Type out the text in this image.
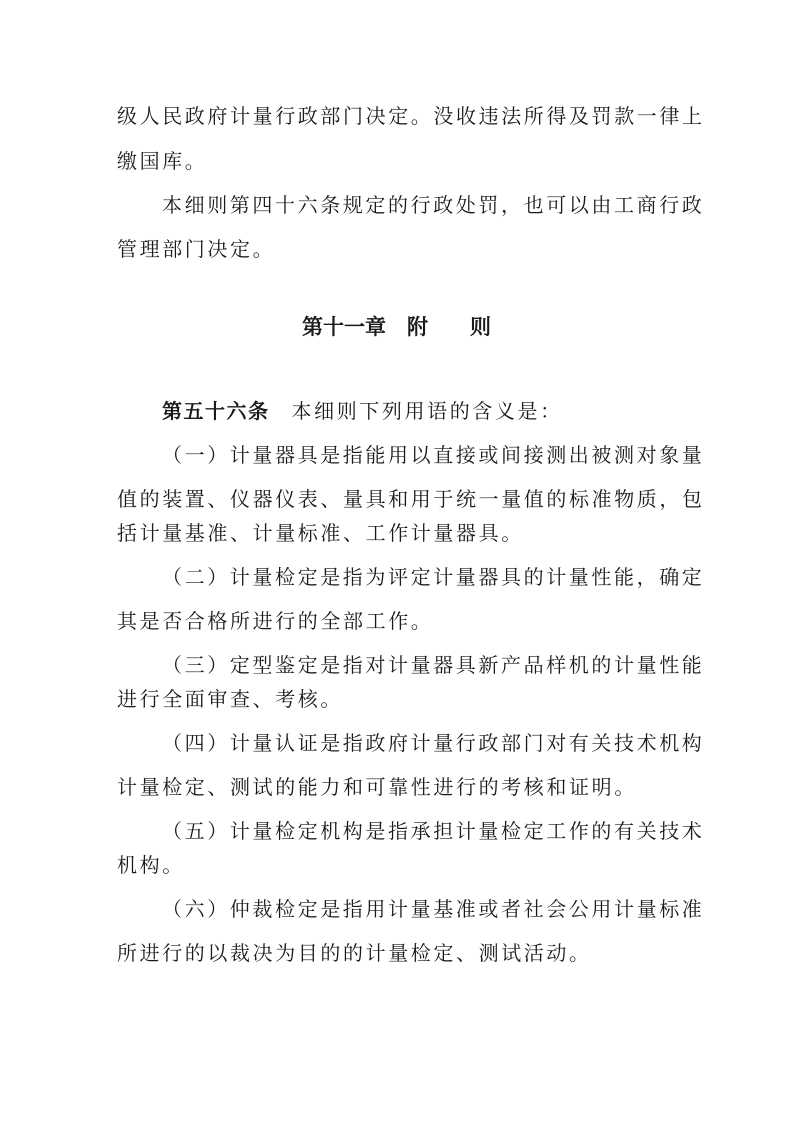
级人民政府计量行政部门决定。没收违法所得及罚款一律上
缴国库。
本细则第四十六条规定的行政处罚，也可以由工商行政
管理部门决定。
第十一章　附　　则
第五十六条 本细则下列用语的含义是：
（一）计量器具是指能用以直接或间接测出被测对象量
值的装置、仪器仪表、量具和用于统一量值的标准物质，包
括计量基准、计量标准、工作计量器具。
（二）计量检定是指为评定计量器具的计量性能，确定
其是否合格所进行的全部工作。
（三）定型鉴定是指对计量器具新产品样机的计量性能
进行全面审查、考核。
（四）计量认证是指政府计量行政部门对有关技术机构
计量检定、测试的能力和可靠性进行的考核和证明。
（五）计量检定机构是指承担计量检定工作的有关技术
机构。
（六）仲裁检定是指用计量基准或者社会公用计量标准
所进行的以裁决为目的的计量检定、测试活动。
